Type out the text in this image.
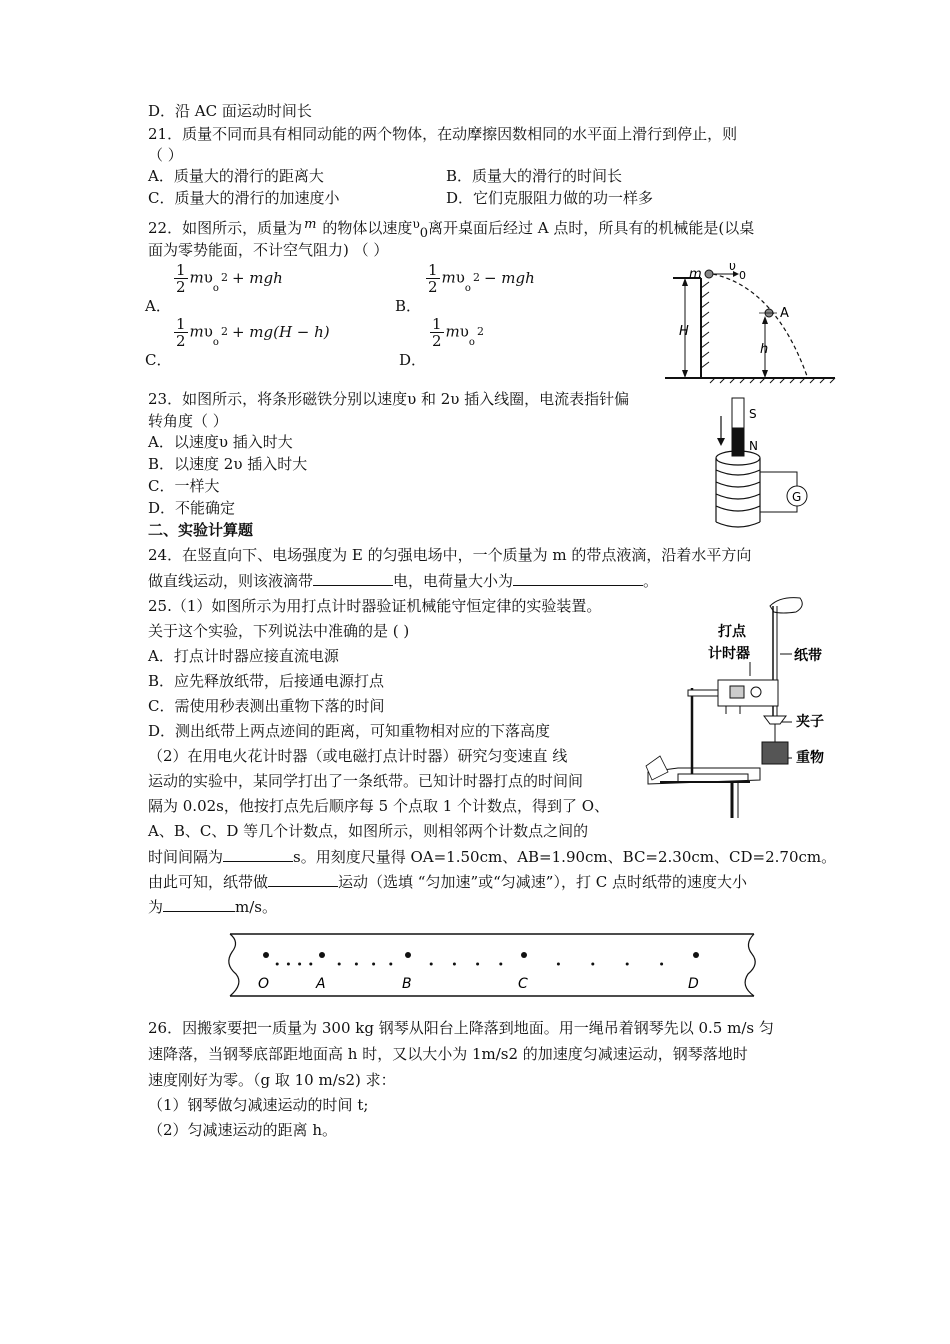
D．沿 AC 面运动时间长
21．质量不同而具有相同动能的两个物体，在动摩擦因数相同的水平面上滑行到停止，则
（ ）
A．质量大的滑行的距离大	B．质量大的滑行的时间长
C．质量大的滑行的加速度小	D．它们克服阻力做的功一样多
22．如图所示，质量为 m 的物体以速度$^\upsilon$0离开桌面后经过 A 点时，所具有的机械能是(以桌
面为零势能面，不计空气阻力) （ ）
A．
$\frac{1}{2} m\upsilon_o2$ + mgh
B．
$\frac{1}{2} m\upsilon_o2$ − mgh
C．
$\frac{1}{2} m\upsilon_o2 + mg(H - h)$
D．
$\frac{1}{2} m\upsilon_o2$
m
υ
0
A
H
h
23．如图所示，将条形磁铁分别以速度υ 和 2υ 插入线圈，电流表指针偏
转角度（ ）
A．以速度υ 插入时大
B．以速度 2υ 插入时大
C．一样大
D．不能确定
S
N
G
二、实验计算题
24．在竖直向下、电场强度为 E 的匀强电场中，一个质量为 m 的带点液滴，沿着水平方向
做直线运动，则该液滴带	电，电荷量大小为	。
25.（1）如图所示为用打点计时器验证机械能守恒定律的实验装置。
关于这个实验，下列说法中准确的是 ( )
A．打点计时器应接直流电源
B．应先释放纸带，后接通电源打点
C．需使用秒表测出重物下落的时间
D．测出纸带上两点迹间的距离，可知重物相对应的下落高度
（2）在用电火花计时器（或电磁打点计时器）研究匀变速直 线
运动的实验中，某同学打出了一条纸带。已知计时器打点的时间间
隔为 0.02s，他按打点先后顺序每 5 个点取 1 个计数点，得到了 O、
A、B、C、D 等几个计数点，如图所示，则相邻两个计数点之间的
时间间隔为	s。用刻度尺量得 OA=1.50cm、AB=1.90cm、BC=2.30cm、CD=2.70cm。
由此可知，纸带做	运动（选填 “匀加速”或“匀减速”），打 C 点时纸带的速度大小
为	m/s。
打点
计时器	纸带
夹子
重物
O	A	B	C	D
26．因搬家要把一质量为 300 kg 钢琴从阳台上降落到地面。用一绳吊着钢琴先以 0.5 m/s 匀
速降落，当钢琴底部距地面高 h 时，又以大小为 1m/s2 的加速度匀减速运动，钢琴落地时
速度刚好为零。（g 取 10 m/s2) 求：
（1）钢琴做匀减速运动的时间 t;
（2）匀减速运动的距离 h。
